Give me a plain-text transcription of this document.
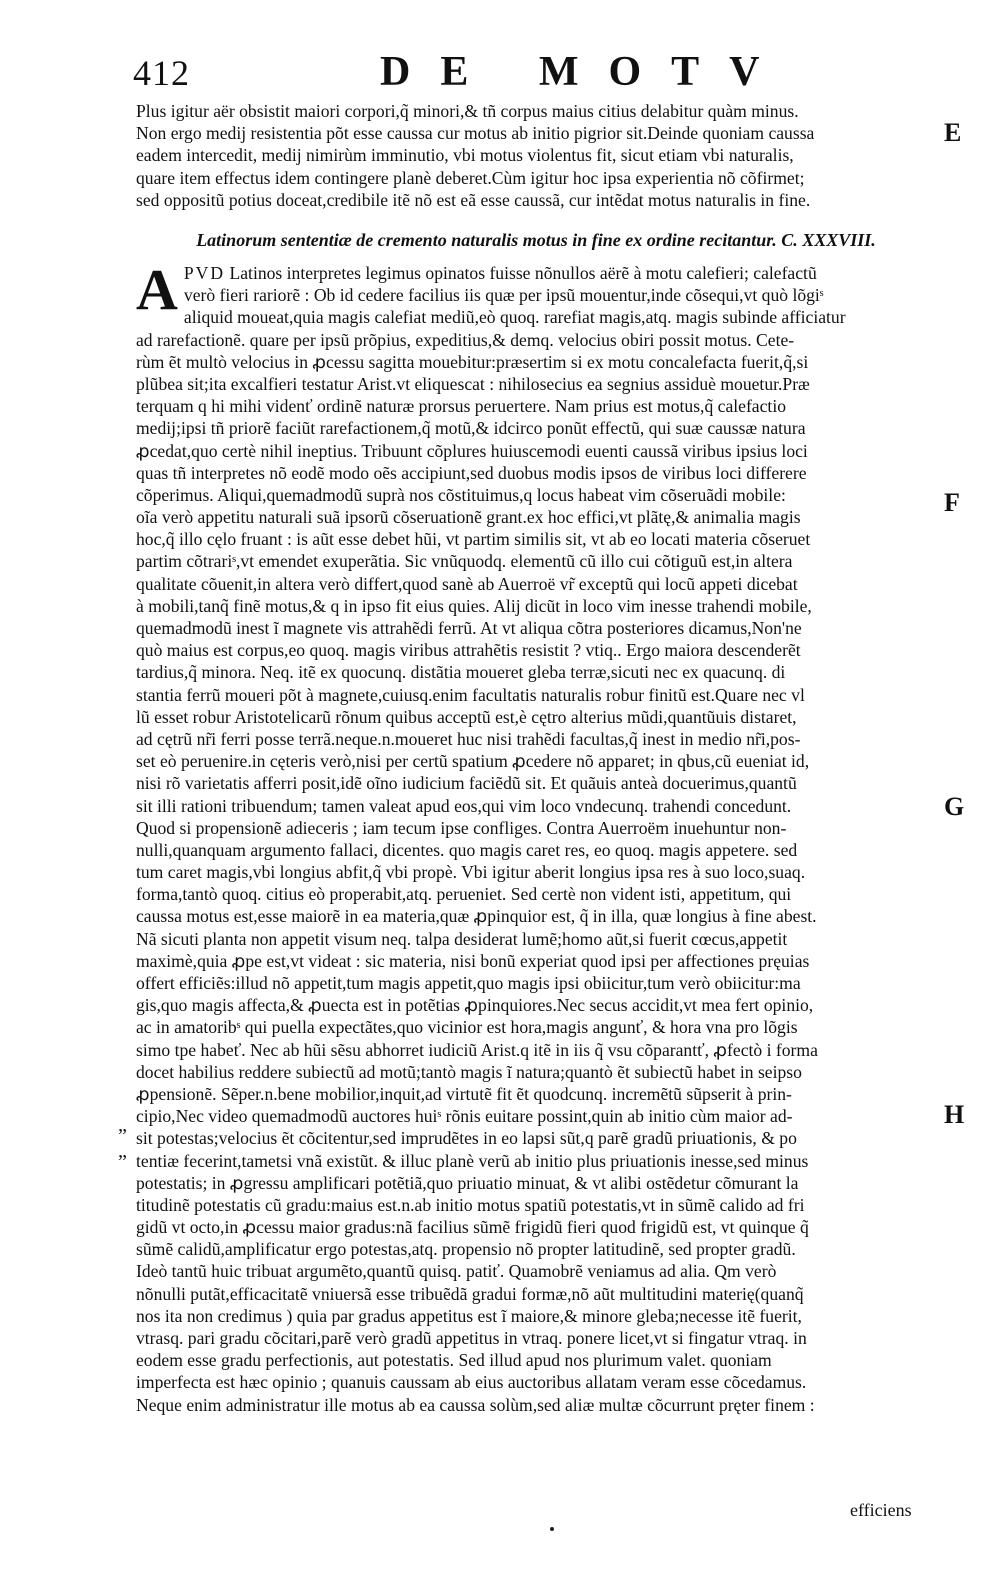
412	DE MOTV
Plus igitur aër obsistit maiori corpori,q̃ minori,& tñ corpus maius citius delabitur quàm minus.
Non ergo medij resistentia põt esse caussa cur motus ab initio pigrior sit.Deinde quoniam caussa
eadem intercedit, medij nimirùm imminutio, vbi motus violentus fit, sicut etiam vbi naturalis,
quare item effectus idem contingere planè deberet.Cùm igitur hoc ipsa experientia nõ cõfirmet;
sed oppositũ potius doceat,credibile itẽ nõ est eã esse caussã, cur intẽdat motus naturalis in fine.
Latinorum sententiæ de cremento naturalis motus in fine ex ordine recitantur. C. XXXVIII.
A PVD Latinos interpretes legimus opinatos fuisse nõnullos aërẽ à motu calefieri; calefactũ
verò fieri rariorẽ : Ob id cedere facilius iis quæ per ipsũ mouentur,inde cõsequi,vt quò lõgiˢ
aliquid moueat,quia magis calefiat mediũ,eò quoq. rarefiat magis,atq. magis subinde afficiatur
ad rarefactionẽ. quare per ipsũ prõpius, expeditius,& demq. velocius obiri possit motus. Cete-
rùm ẽt multò velocius in ꝓcessu sagitta mouebitur:præsertim si ex motu concalefacta fuerit,q̃,si
plũbea sit;ita excalfieri testatur Arist.vt eliquescat : nihilosecius ea segnius assiduè mouetur.Præ
terquam q hi mihi videnť ordinẽ naturæ prorsus peruertere. Nam prius est motus,q̃ calefactio
medij;ipsi tñ priorẽ faciũt rarefactionem,q̃ motũ,& idcirco ponũt effectũ, qui suæ caussæ natura
ꝓcedat,quo certè nihil ineptius. Tribuunt cõplures huiuscemodi euenti caussã viribus ipsius loci
quas tñ interpretes nõ eodẽ modo oẽs accipiunt,sed duobus modis ipsos de viribus loci differere
cõperimus. Aliqui,quemadmodũ suprà nos cõstituimus,q locus habeat vim cõseruãdi mobile:
oĩa verò appetitu naturali suã ipsorũ cõseruationẽ grant.ex hoc effici,vt plãtę,& animalia magis
hoc,q̃ illo cęlo fruant : is aũt esse debet hũi, vt partim similis sit, vt ab eo locati materia cõseruet
partim cõtrariˢ,vt emendet exuperãtia. Sic vnũquodq. elementũ cũ illo cui cõtiguũ est,in altera
qualitate cõuenit,in altera verò differt,quod sanè ab Auerroë vr̃ exceptũ qui locũ appeti dicebat
à mobili,tanq̃ finẽ motus,& q in ipso fit eius quies. Alij dicũt in loco vim inesse trahendi mobile,
quemadmodũ inest ĩ magnete vis attrahẽdi ferrũ. At vt aliqua cõtra posteriores dicamus,Non'ne
quò maius est corpus,eo quoq. magis viribus attrahẽtis resistit ? vtiq.. Ergo maiora descenderẽt
tardius,q̃ minora. Neq. itẽ ex quocunq. distãtia moueret gleba terræ,sicuti nec ex quacunq. di
stantia ferrũ moueri põt à magnete,cuiusq.enim facultatis naturalis robur finitũ est.Quare nec vl
lũ esset robur Aristotelicarũ rõnum quibus acceptũ est,è cętro alterius mũdi,quantũuis distaret,
ad cętrũ nr̃i ferri posse terrã.neque.n.moueret huc nisi trahẽdi facultas,q̃ inest in medio nr̃i,pos-
set eò peruenire.in cęteris verò,nisi per certũ spatium ꝓcedere nõ apparet; in qbus,cũ eueniat id,
nisi rõ varietatis afferri posit,idẽ oĩno iudicium faciẽdũ sit. Et quãuis anteà docuerimus,quantũ
sit illi rationi tribuendum; tamen valeat apud eos,qui vim loco vndecunq. trahendi concedunt.
Quod si propensionẽ adieceris ; iam tecum ipse confliges. Contra Auerroëm inuehuntur non-
nulli,quanquam argumento fallaci, dicentes. quo magis caret res, eo quoq. magis appetere. sed
tum caret magis,vbi longius abfit,q̃ vbi propè. Vbi igitur aberit longius ipsa res à suo loco,suaq.
forma,tantò quoq. citius eò properabit,atq. perueniet. Sed certè non vident isti, appetitum, qui
caussa motus est,esse maiorẽ in ea materia,quæ ꝓpinquior est, q̃ in illa, quæ longius à fine abest.
Nã sicuti planta non appetit visum neq. talpa desiderat lumẽ;homo aũt,si fuerit cœcus,appetit
maximè,quia ꝓpe est,vt videat : sic materia, nisi bonũ experiat quod ipsi per affectiones pręuias
offert efficiẽs:illud nõ appetit,tum magis appetit,quo magis ipsi obiicitur,tum verò obiicitur:ma
gis,quo magis affecta,& ꝓuecta est in potẽtias ꝓpinquiores.Nec secus accidit,vt mea fert opinio,
ac in amatoribˢ qui puella expectãtes,quo vicinior est hora,magis angunť, & hora vna pro lõgis
simo tpe habeť. Nec ab hũi sẽsu abhorret iudiciũ Arist.q itẽ in iis q̃ vsu cõparantť, ꝓfectò i forma
docet habilius reddere subiectũ ad motũ;tantò magis ĩ natura;quantò ẽt subiectũ habet in seipso
ꝓpensionẽ. Sẽper.n.bene mobilior,inquit,ad virtutẽ fit ẽt quodcunq. incremẽtũ sũpserit à prin-
cipio,Nec video quemadmodũ auctores huiˢ rõnis euitare possint,quin ab initio cùm maior ad-
sit potestas;velocius ẽt cõcitentur,sed imprudẽtes in eo lapsi sũt,q parẽ gradũ priuationis, & po
tentiæ fecerint,tametsi vnã existũt. & illuc planè verũ ab initio plus priuationis inesse,sed minus
potestatis; in ꝓgressu amplificari potẽtiã,quo priuatio minuat, & vt alibi ostẽdetur cõmurant la
titudinẽ potestatis cũ gradu:maius est.n.ab initio motus spatiũ potestatis,vt in sũmẽ calido ad fri
gidũ vt octo,in ꝓcessu maior gradus:nã facilius sũmẽ frigidũ fieri quod frigidũ est, vt quinque q̃
sũmẽ calidũ,amplificatur ergo potestas,atq. propensio nõ propter latitudinẽ, sed propter gradũ.
Ideò tantũ huic tribuat argumẽto,quantũ quisq. patiť. Quamobrẽ veniamus ad alia. Qm verò
nõnulli putãt,efficacitatẽ vniuersã esse tribuẽdã gradui formæ,nõ aũt multitudini materię(quanq̃
nos ita non credimus ) quia par gradus appetitus est ĩ maiore,& minore gleba;necesse itẽ fuerit,
vtrasq. pari gradu cõcitari,parẽ verò gradũ appetitus in vtraq. ponere licet,vt si fingatur vtraq. in
eodem esse gradu perfectionis, aut potestatis. Sed illud apud nos plurimum valet. quoniam
imperfecta est hæc opinio ; quanuis caussam ab eius auctoribus allatam veram esse cõcedamus.
Neque enim administratur ille motus ab ea caussa solùm,sed aliæ multæ cõcurrunt pręter finem :
E
F
G
H
„
„
efficiens
